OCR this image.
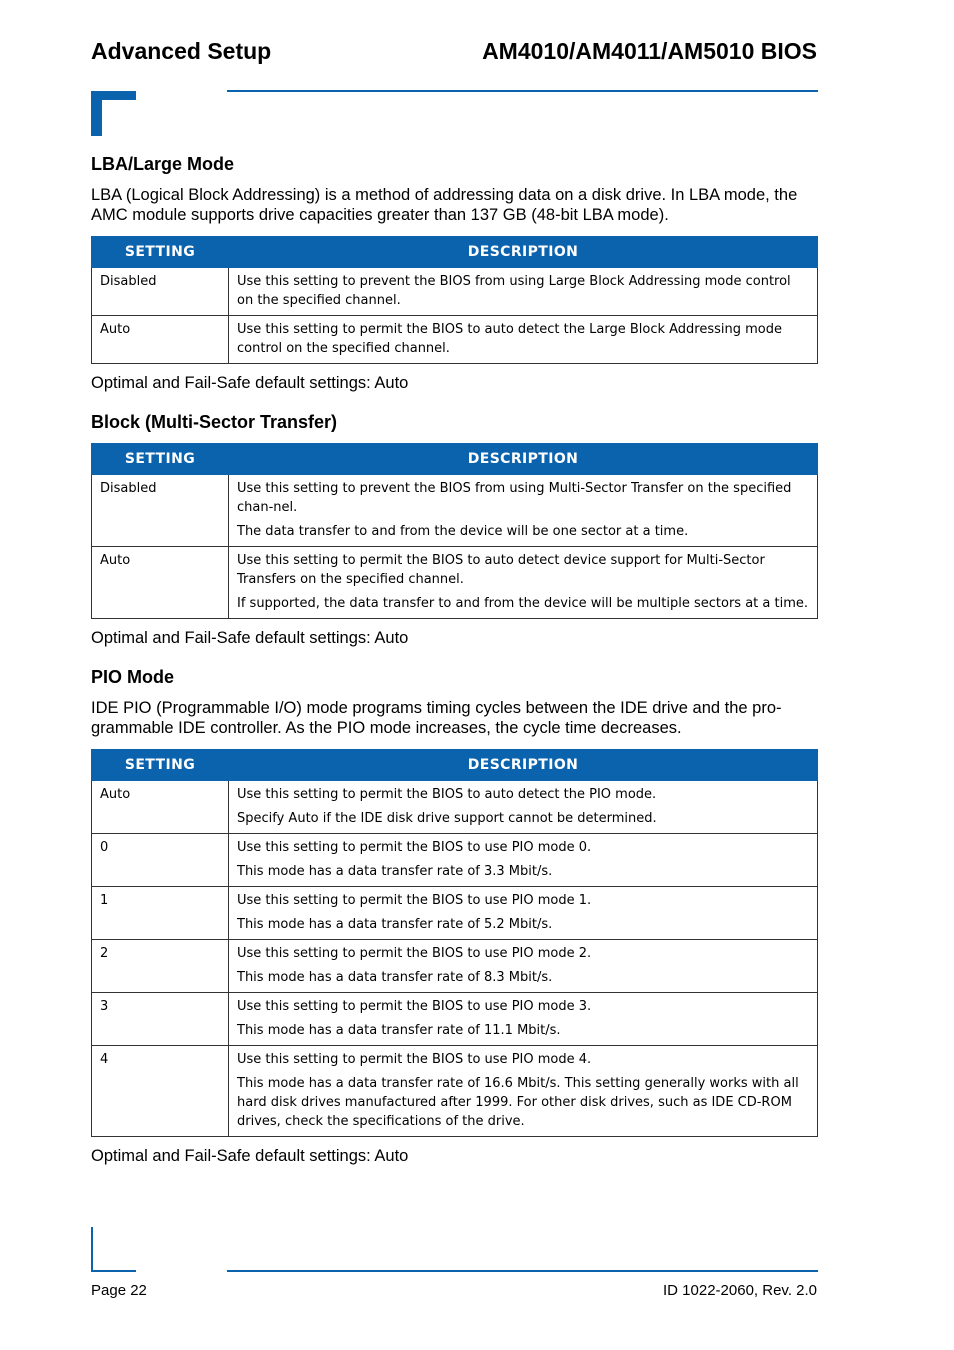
Advanced Setup	AM4010/AM4011/AM5010 BIOS
LBA/Large Mode

LBA (Logical Block Addressing) is a method of addressing data on a disk drive. In LBA mode, the AMC module supports drive capacities greater than 137 GB (48-bit LBA mode).

SETTING	DESCRIPTION
Disabled	Use this setting to prevent the BIOS from using Large Block Addressing mode control on the specified channel.

Auto	Use this setting to permit the BIOS to auto detect the Large Block Addressing mode control on the specified channel.

Optimal and Fail-Safe default settings: Auto

Block (Multi-Sector Transfer)
SETTING	DESCRIPTION
Disabled	Use this setting to prevent the BIOS from using Multi-Sector Transfer on the specified chan-nel.
The data transfer to and from the device will be one sector at a time.

Auto	Use this setting to permit the BIOS to auto detect device support for Multi-Sector Transfers on the specified channel.
If supported, the data transfer to and from the device will be multiple sectors at a time.

Optimal and Fail-Safe default settings: Auto

PIO Mode

IDE PIO (Programmable I/O) mode programs timing cycles between the IDE drive and the pro-grammable IDE controller. As the PIO mode increases, the cycle time decreases.

SETTING	DESCRIPTION
Auto	Use this setting to permit the BIOS to auto detect the PIO mode.
Specify Auto if the IDE disk drive support cannot be determined.

0	Use this setting to permit the BIOS to use PIO mode 0.
This mode has a data transfer rate of 3.3 Mbit/s.

1	Use this setting to permit the BIOS to use PIO mode 1.
This mode has a data transfer rate of 5.2 Mbit/s.

2	Use this setting to permit the BIOS to use PIO mode 2.
This mode has a data transfer rate of 8.3 Mbit/s.

3	Use this setting to permit the BIOS to use PIO mode 3.
This mode has a data transfer rate of 11.1 Mbit/s.

4	Use this setting to permit the BIOS to use PIO mode 4.
This mode has a data transfer rate of 16.6 Mbit/s. This setting generally works with all hard disk drives manufactured after 1999. For other disk drives, such as IDE CD-ROM drives, check the specifications of the drive.

Optimal and Fail-Safe default settings: Auto

Page 22	ID 1022-2060, Rev. 2.0
